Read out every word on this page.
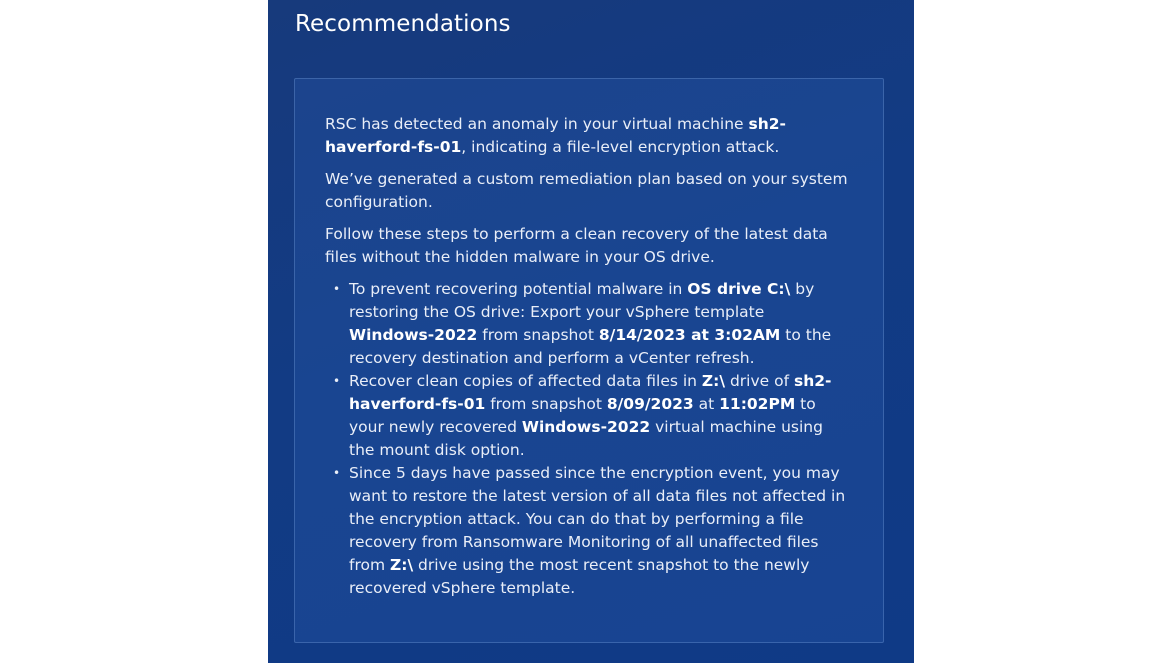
Recommendations

RSC has detected an anomaly in your virtual machine sh2-haverford-fs-01, indicating a file-level encryption attack.

We’ve generated a custom remediation plan based on your system configuration.

Follow these steps to perform a clean recovery of the latest data files without the hidden malware in your OS drive.

• To prevent recovering potential malware in OS drive C:\ by restoring the OS drive: Export your vSphere template Windows-2022 from snapshot 8/14/2023 at 3:02AM to the recovery destination and perform a vCenter refresh.
• Recover clean copies of affected data files in Z:\ drive of sh2-haverford-fs-01 from snapshot 8/09/2023 at 11:02PM to your newly recovered Windows-2022 virtual machine using the mount disk option.
• Since 5 days have passed since the encryption event, you may want to restore the latest version of all data files not affected in the encryption attack. You can do that by performing a file recovery from Ransomware Monitoring of all unaffected files from Z:\ drive using the most recent snapshot to the newly recovered vSphere template.
